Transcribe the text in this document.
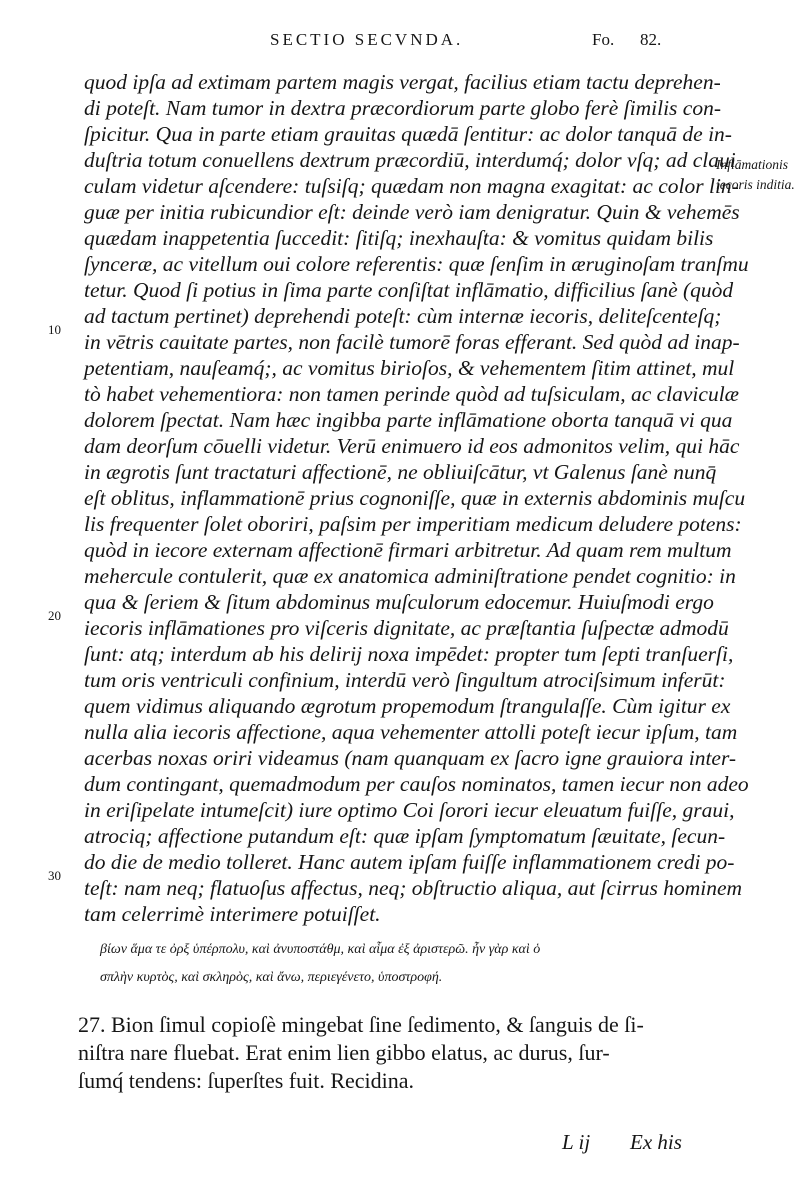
SECTIO SECVNDA.	Fo. 82.
quod ipſa ad extimam partem magis vergat, facilius etiam tactu deprehen-
di poteſt. Nam tumor in dextra præcordiorum parte globo ferè ſimilis con-
ſpicitur. Qua in parte etiam grauitas quædā ſentitur: ac dolor tanquā de in-
duſtria totum conuellens dextrum præcordiū, interdumq́; dolor vſq; ad claui
culam videtur aſcendere: tuſsiſq; quædam non magna exagitat: ac color lin-
guæ per initia rubicundior eſt: deinde verò iam denigratur. Quin & vehemēs
quædam inappetentia ſuccedit: ſitiſq; inexhauſta: & vomitus quidam bilis
ſynceræ, ac vitellum oui colore referentis: quæ ſenſim in æruginoſam tranſmu
tetur. Quod ſi potius in ſima parte conſiſtat inflāmatio, difficilius ſanè (quòd
ad tactum pertinet) deprehendi poteſt: cùm internæ iecoris, deliteſcenteſq;
in vētris cauitate partes, non facilè tumorē foras efferant. Sed quòd ad inap-
petentiam, nauſeamq́;, ac vomitus birioſos, & vehementem ſitim attinet, mul
tò habet vehementiora: non tamen perinde quòd ad tuſsiculam, ac claviculæ
dolorem ſpectat. Nam hæc ingibba parte inflāmatione oborta tanquā vi qua
dam deorſum cōuelli videtur. Verū enimuero id eos admonitos velim, qui hāc
in ægrotis ſunt tractaturi affectionē, ne obliuiſcātur, vt Galenus ſanè nunq̄
eſt oblitus, inflammationē prius cognoniſſe, quæ in externis abdominis muſcu
lis frequenter ſolet oboriri, paſsim per imperitiam medicum deludere potens:
quòd in iecore externam affectionē firmari arbitretur. Ad quam rem multum
mehercule contulerit, quæ ex anatomica adminiſtratione pendet cognitio: in
qua & ſeriem & ſitum abdominus muſculorum edocemur. Huiuſmodi ergo
iecoris inflāmationes pro viſceris dignitate, ac præſtantia ſuſpectæ admodū
ſunt: atq; interdum ab his delirij noxa impēdet: propter tum ſepti tranſuerſi,
tum oris ventriculi confinium, interdū verò ſingultum atrociſsimum inferūt:
quem vidimus aliquando ægrotum propemodum ſtrangulaſſe. Cùm igitur ex
nulla alia iecoris affectione, aqua vehementer attolli poteſt iecur ipſum, tam
acerbas noxas oriri videamus (nam quanquam ex ſacro igne grauiora inter-
dum contingant, quemadmodum per cauſos nominatos, tamen iecur non adeo
in eriſipelate intumeſcit) iure optimo Coi ſorori iecur eleuatum fuiſſe, graui,
atrociq; affectione putandum eſt: quæ ipſam ſymptomatum ſæuitate, ſecun-
do die de medio tolleret. Hanc autem ipſam fuiſſe inflammationem credi po-
teſt: nam neq; flatuoſus affectus, neq; obſtructio aliqua, aut ſcirrus hominem
tam celerrimè interimere potuiſſet.
10
20
30
Inflāmationis
iecoris inditia.
βίων ἅμα τε ὀρξ ὑπέρπολυ, καὶ ἀνυποστάθμ, καὶ αἷμα ἐξ ἀριστερῶ. ἦν γὰρ καὶ ὁ
σπλὴν κυρτὸς, καὶ σκληρὸς, καὶ ἄνω, περιεγένετο, ὑποστροφή.
27. Bion ſimul copioſè mingebat ſine ſedimento, & ſanguis de ſi-
niſtra nare fluebat. Erat enim lien gibbo elatus, ac durus, ſur-
ſumq́ tendens: ſuperſtes fuit. Recidina.
L ij Ex his
